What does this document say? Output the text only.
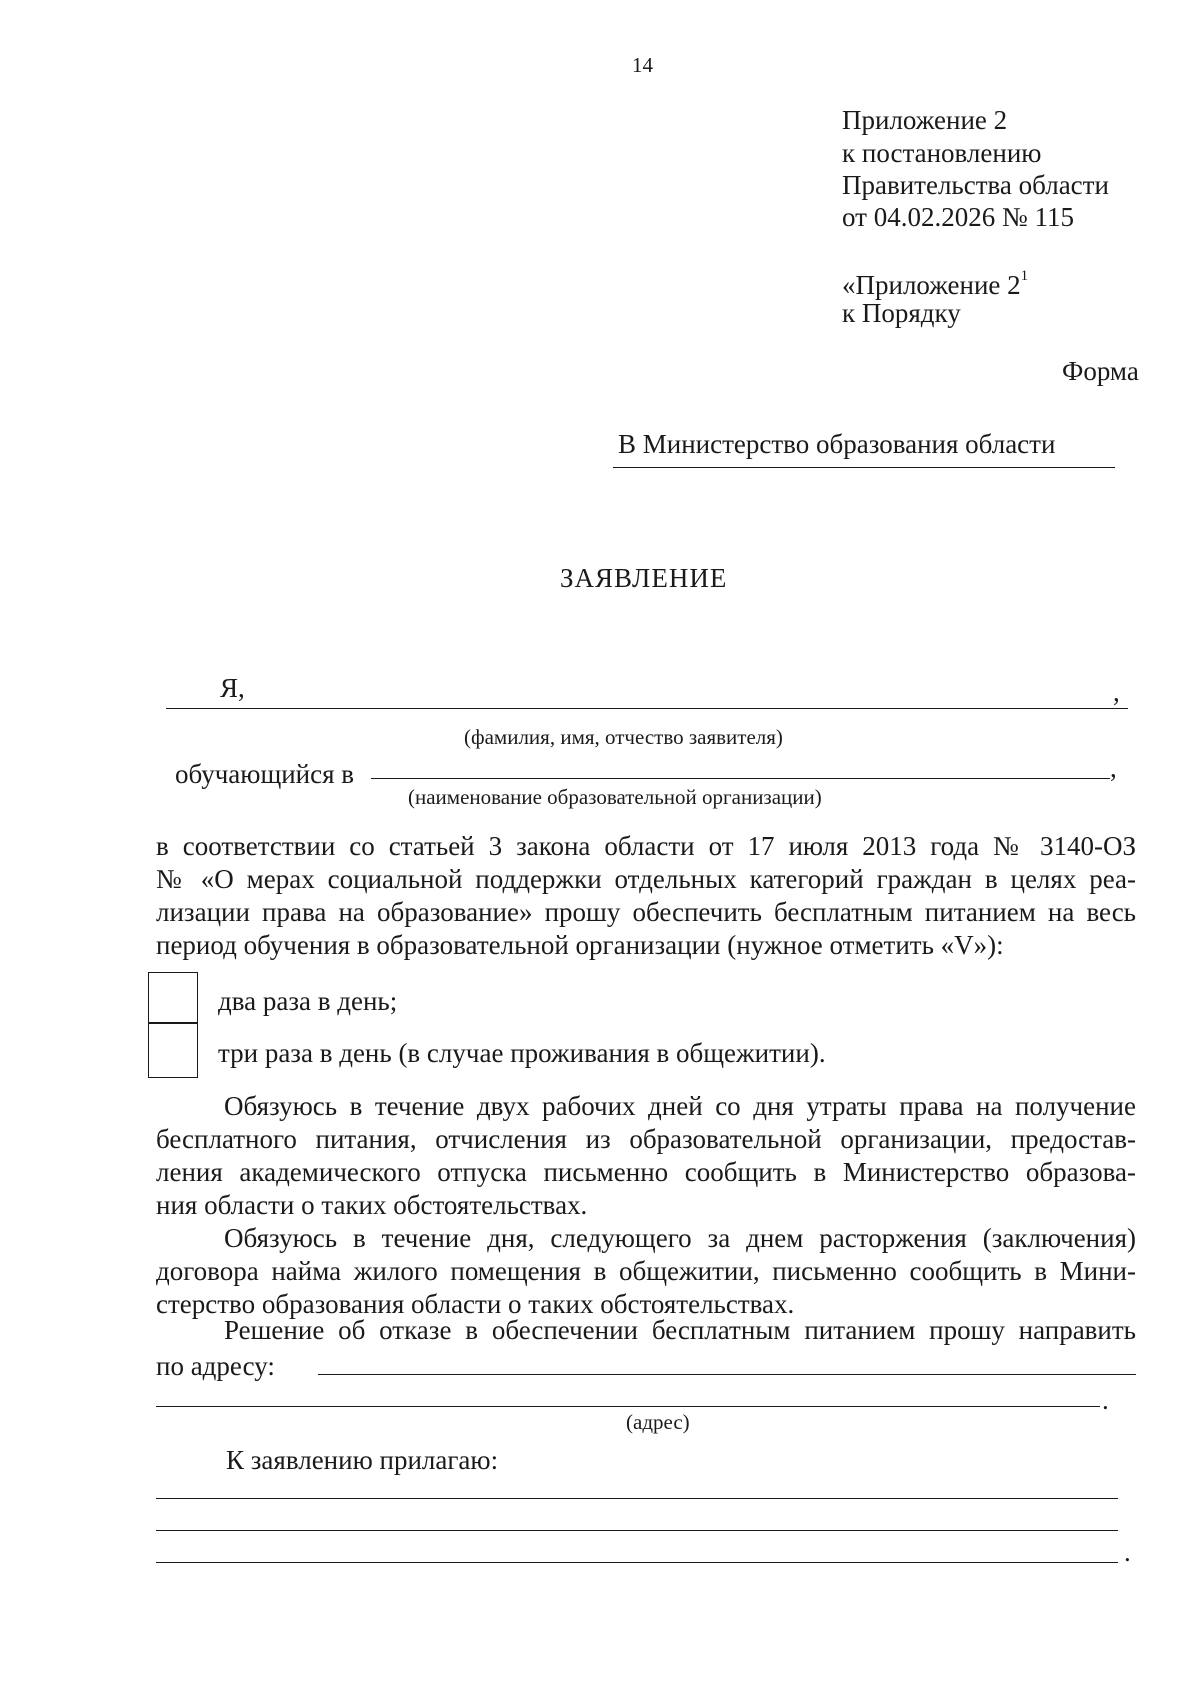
14
Приложение 2
к постановлению
Правительства области
от 04.02.2026 № 115
«Приложение $2^1$
к Порядку
Форма
В Министерство образования области
ЗАЯВЛЕНИЕ
Я,	,
(фамилия, имя, отчество заявителя)
обучающийся в	,
(наименование образовательной организации)
в соответствии со статьей 3 закона области от 17 июля 2013 года № 3140-ОЗ
№ «О мерах социальной поддержки отдельных категорий граждан в целях реа-
лизации права на образование» прошу обеспечить бесплатным питанием на весь
период обучения в образовательной организации (нужное отметить «V»):
два раза в день;
три раза в день (в случае проживания в общежитии).
Обязуюсь в течение двух рабочих дней со дня утраты права на получение
бесплатного питания, отчисления из образовательной организации, предостав-
ления академического отпуска письменно сообщить в Министерство образова-
ния области о таких обстоятельствах.
Обязуюсь в течение дня, следующего за днем расторжения (заключения)
договора найма жилого помещения в общежитии, письменно сообщить в Мини-
стерство образования области о таких обстоятельствах.
Решение об отказе в обеспечении бесплатным питанием прошу направить
по адресу:
.
(адрес)
К заявлению прилагаю:
.
